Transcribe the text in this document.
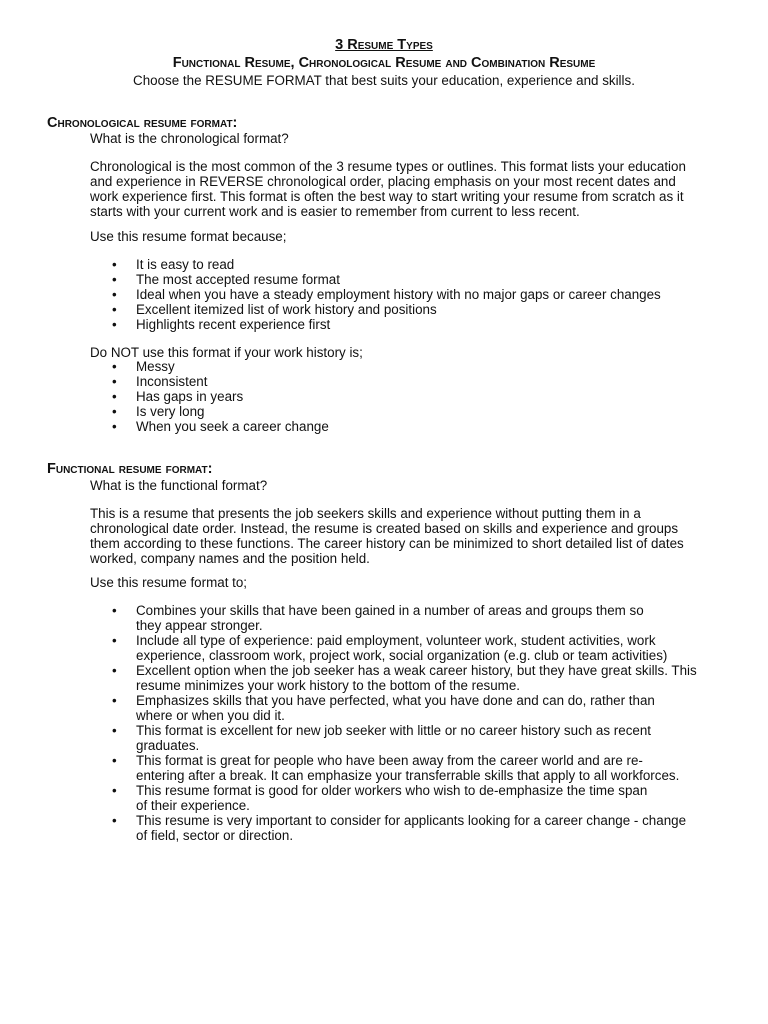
3 Resume Types
Functional Resume, Chronological Resume and Combination Resume
Choose the RESUME FORMAT that best suits your education, experience and skills.
Chronological resume format:
What is the chronological format?

Chronological is the most common of the 3 resume types or outlines. This format lists your education

and experience in REVERSE chronological order, placing emphasis on your most recent dates and

work experience first. This format is often the best way to start writing your resume from scratch as it

starts with your current work and is easier to remember from current to less recent.

Use this resume format because;
• It is easy to read
• The most accepted resume format
• Ideal when you have a steady employment history with no major gaps or career changes
• Excellent itemized list of work history and positions
• Highlights recent experience first
Do NOT use this format if your work history is;
• Messy
• Inconsistent
• Has gaps in years
• Is very long
• When you seek a career change
Functional resume format:
What is the functional format?

This is a resume that presents the job seekers skills and experience without putting them in a

chronological date order. Instead, the resume is created based on skills and experience and groups

them according to these functions. The career history can be minimized to short detailed list of dates

worked, company names and the position held.

Use this resume format to;
• Combines your skills that have been gained in a number of areas and groups them so
they appear stronger.
• Include all type of experience: paid employment, volunteer work, student activities, work
experience, classroom work, project work, social organization (e.g. club or team activities)
• Excellent option when the job seeker has a weak career history, but they have great skills. This
resume minimizes your work history to the bottom of the resume.
• Emphasizes skills that you have perfected, what you have done and can do, rather than
where or when you did it.
• This format is excellent for new job seeker with little or no career history such as recent
graduates.
• This format is great for people who have been away from the career world and are re-
entering after a break. It can emphasize your transferrable skills that apply to all workforces.
• This resume format is good for older workers who wish to de-emphasize the time span
of their experience.
• This resume is very important to consider for applicants looking for a career change - change
of field, sector or direction.
